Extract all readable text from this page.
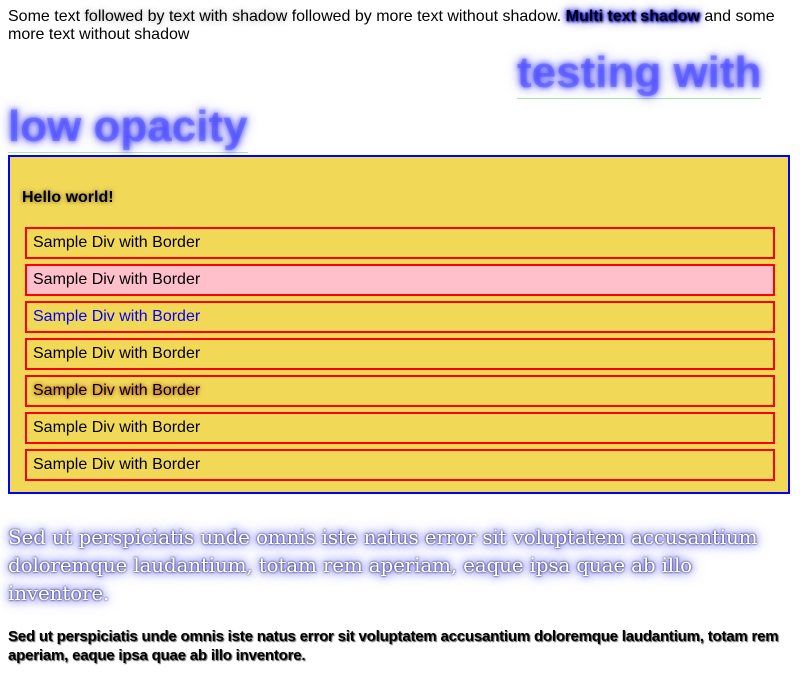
Some text followed by text with shadow followed by more text without shadow. Multi text shadow and some more text without shadow

testing with
low opacity
Hello world!
Sample Div with Border
Sample Div with Border
Sample Div with Border
Sample Div with Border
Sample Div with Border
Sample Div with Border
Sample Div with Border

Sed ut perspiciatis unde omnis iste natus error sit voluptatem accusantium doloremque laudantium, totam rem aperiam, eaque ipsa quae ab illo inventore.

Sed ut perspiciatis unde omnis iste natus error sit voluptatem accusantium doloremque laudantium, totam rem aperiam, eaque ipsa quae ab illo inventore.
